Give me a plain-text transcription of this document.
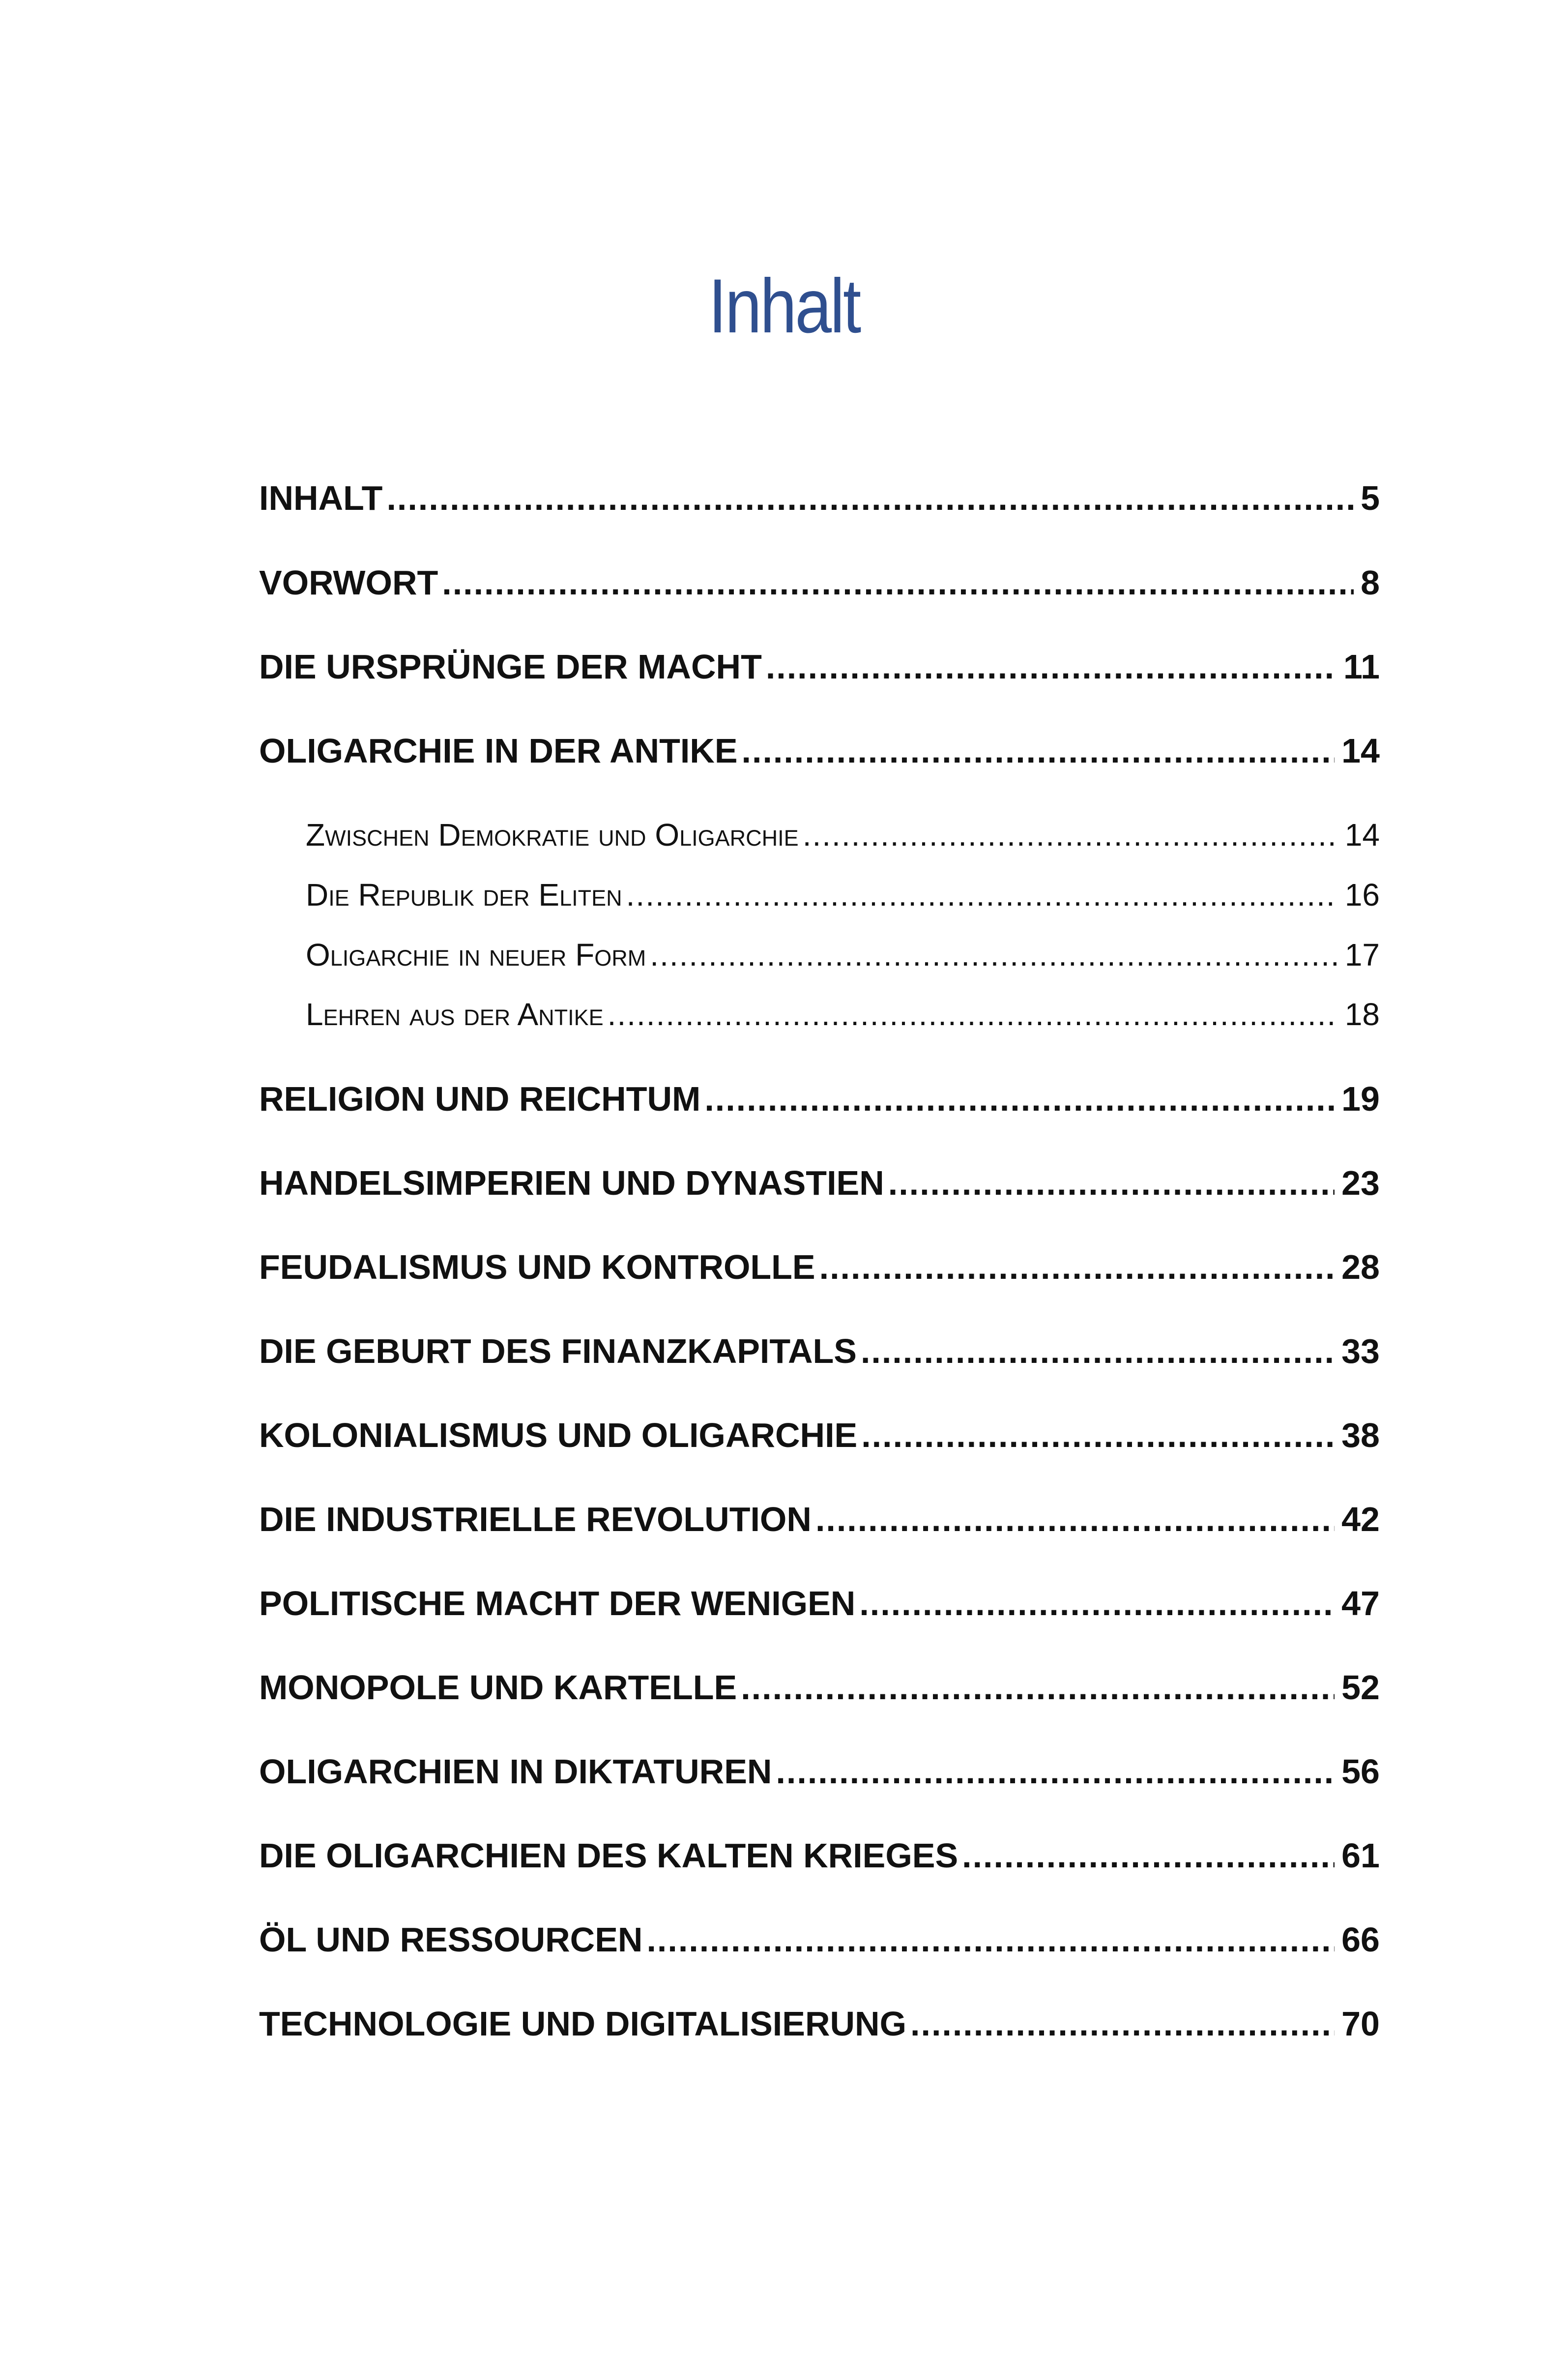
Inhalt
INHALT .....	5
VORWORT .....	8
DIE URSPRÜNGE DER MACHT .....	11
OLIGARCHIE IN DER ANTIKE .....	14
Zwischen Demokratie und Oligarchie .....	14
Die Republik der Eliten .....	16
Oligarchie in neuer Form .....	17
Lehren aus der Antike .....	18
RELIGION UND REICHTUM .....	19
HANDELSIMPERIEN UND DYNASTIEN .....	23
FEUDALISMUS UND KONTROLLE .....	28
DIE GEBURT DES FINANZKAPITALS .....	33
KOLONIALISMUS UND OLIGARCHIE .....	38
DIE INDUSTRIELLE REVOLUTION .....	42
POLITISCHE MACHT DER WENIGEN .....	47
MONOPOLE UND KARTELLE .....	52
OLIGARCHIEN IN DIKTATUREN .....	56
DIE OLIGARCHIEN DES KALTEN KRIEGES .....	61
ÖL UND RESSOURCEN .....	66
TECHNOLOGIE UND DIGITALISIERUNG .....	70
